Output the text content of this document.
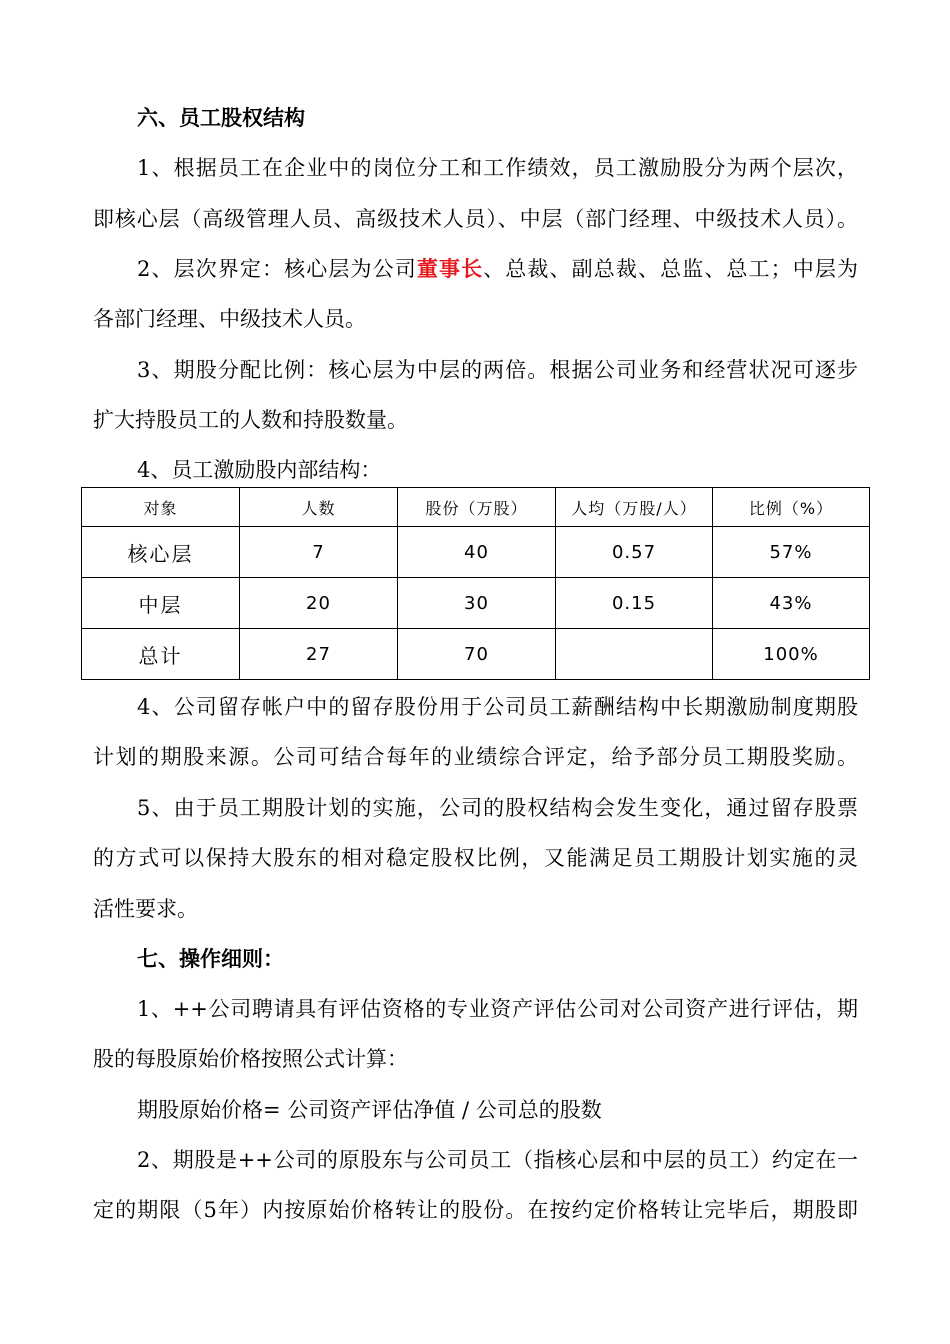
六、员工股权结构
1、根据员工在企业中的岗位分工和工作绩效，员工激励股分为两个层次，
即核心层（高级管理人员、高级技术人员）、中层（部门经理、中级技术人员）。
2、层次界定：核心层为公司董事长、总裁、副总裁、总监、总工；中层为
各部门经理、中级技术人员。
3、期股分配比例：核心层为中层的两倍。根据公司业务和经营状况可逐步
扩大持股员工的人数和持股数量。
4、员工激励股内部结构：
对象	人数	股份（万股）	人均（万股/人）	比例（%）
核心层	7	40	0.57	57%
中层	20	30	0.15	43%
总计	27	70		100%
4、公司留存帐户中的留存股份用于公司员工薪酬结构中长期激励制度期股
计划的期股来源。公司可结合每年的业绩综合评定，给予部分员工期股奖励。
5、由于员工期股计划的实施，公司的股权结构会发生变化，通过留存股票
的方式可以保持大股东的相对稳定股权比例，又能满足员工期股计划实施的灵
活性要求。
七、操作细则：
1、++公司聘请具有评估资格的专业资产评估公司对公司资产进行评估，期
股的每股原始价格按照公式计算：
期股原始价格= 公司资产评估净值 / 公司总的股数
2、期股是++公司的原股东与公司员工（指核心层和中层的员工）约定在一
定的期限（5年）内按原始价格转让的股份。在按约定价格转让完毕后，期股即
